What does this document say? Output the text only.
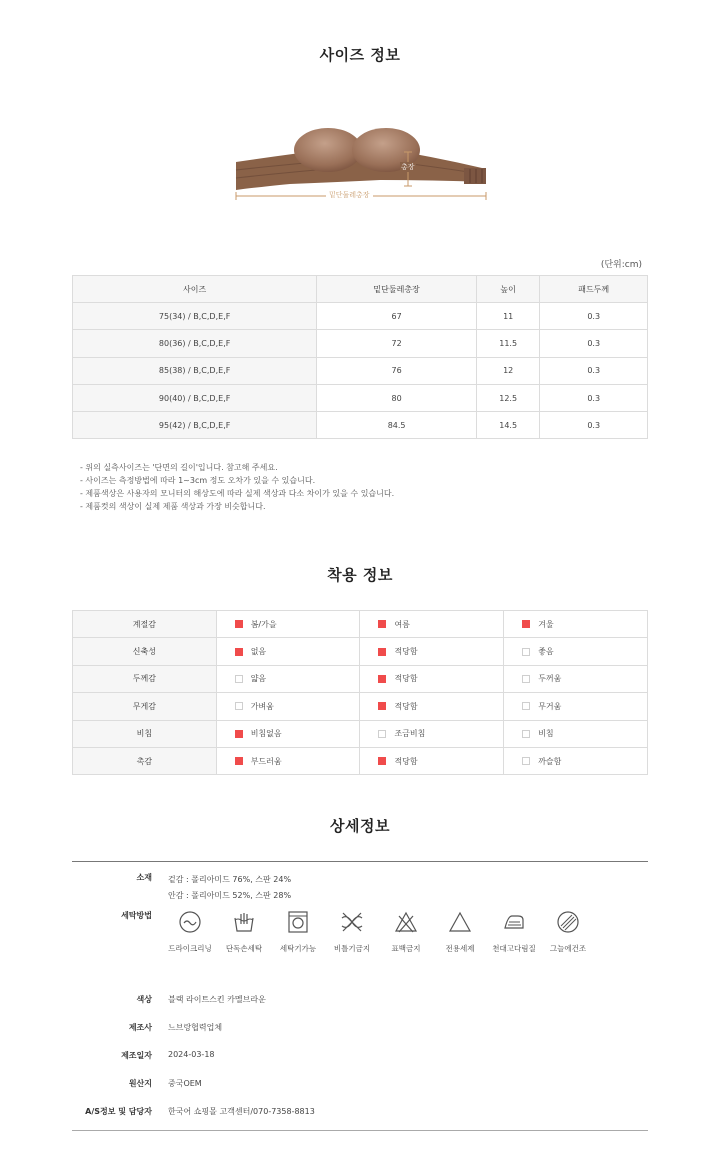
사이즈 정보
총장
밑단둘레총장
(단위:cm)
사이즈	밑단둘레총장	높이	패드두께
75(34) / B,C,D,E,F	67	11	0.3
80(36) / B,C,D,E,F	72	11.5	0.3
85(38) / B,C,D,E,F	76	12	0.3
90(40) / B,C,D,E,F	80	12.5	0.3
95(42) / B,C,D,E,F	84.5	14.5	0.3
- 위의 실측사이즈는 '단면의 길이'입니다. 참고해 주세요.
- 사이즈는 측정방법에 따라 1~3cm 정도 오차가 있을 수 있습니다.
- 제품색상은 사용자의 모니터의 해상도에 따라 실제 색상과 다소 차이가 있을 수 있습니다.
- 제품컷의 색상이 실제 제품 색상과 가장 비슷합니다.
착용 정보
계절감	봄/가을	여름	겨울
신축성	없음	적당함	좋음
두께감	얇음	적당함	두꺼움
무게감	가벼움	적당함	무거움
비침	비침없음	조금비침	비침
촉감	부드러움	적당함	까슬함
상세정보
소재 겉감 : 폴리아미드 76%, 스판 24%
안감 : 폴리아미드 52%, 스판 28%
세탁방법
드라이크리닝	단독손세탁	세탁기가능	비틀기금지	표백금지	전용세제	천대고다림질	그늘에건조
색상 블랙 라이트스킨 카멜브라운
제조사 느브랑협력업체
제조일자 2024-03-18
원산지 중국OEM
A/S정보 및 담당자 한국어 쇼핑몰 고객센터/070-7358-8813
